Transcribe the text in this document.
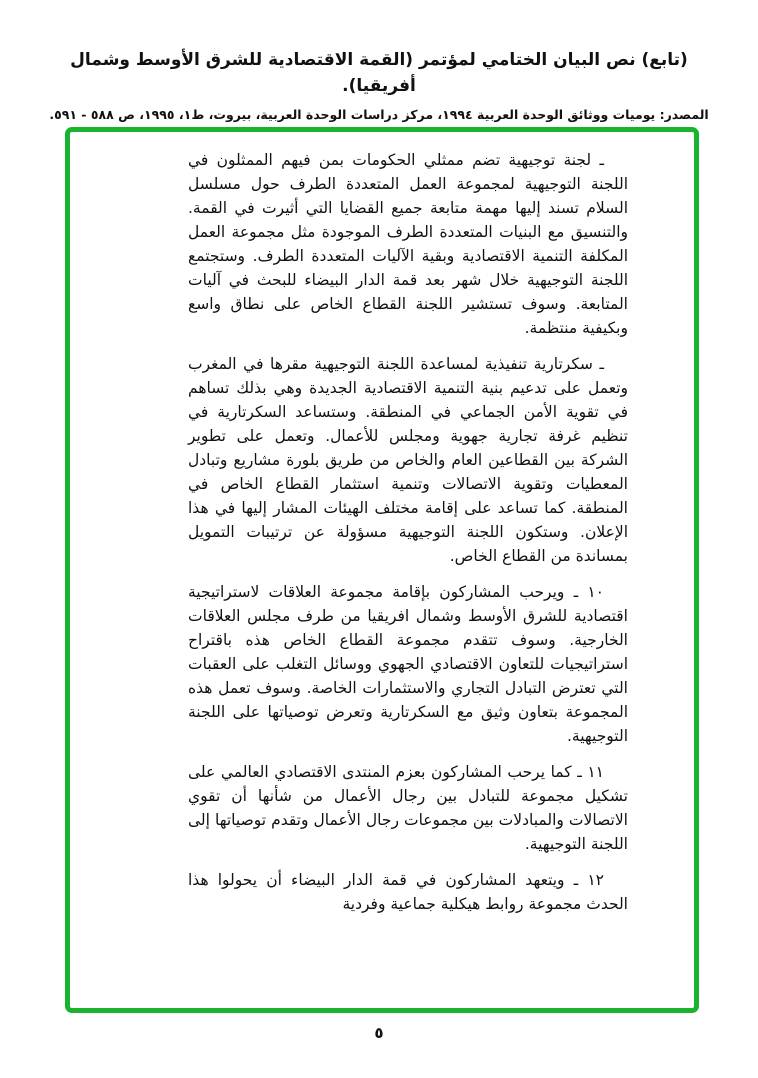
(تابع) نص البيان الختامي لمؤتمر (القمة الاقتصادية للشرق الأوسط وشمال أفريقيا).
المصدر: يوميات ووثائق الوحدة العربية ١٩٩٤، مركز دراسات الوحدة العربية، بيروت، ط١، ١٩٩٥، ص ٥٨٨ - ٥٩١.

ـ لجنة توجيهية تضم ممثلي الحكومات بمن فيهم الممثلون في اللجنة التوجيهية لمجموعة العمل المتعددة الطرف حول مسلسل السلام تسند إليها مهمة متابعة جميع القضايا التي أثيرت في القمة. والتنسيق مع البنيات المتعددة الطرف الموجودة مثل مجموعة العمل المكلفة التنمية الاقتصادية وبقية الآليات المتعددة الطرف. وستجتمع اللجنة التوجيهية خلال شهر بعد قمة الدار البيضاء للبحث في آليات المتابعة. وسوف تستشير اللجنة القطاع الخاص على نطاق واسع وبكيفية منتظمة.

ـ سكرتارية تنفيذية لمساعدة اللجنة التوجيهية مقرها في المغرب وتعمل على تدعيم بنية التنمية الاقتصادية الجديدة وهي بذلك تساهم في تقوية الأمن الجماعي في المنطقة. وستساعد السكرتارية في تنظيم غرفة تجارية جهوية ومجلس للأعمال. وتعمل على تطوير الشركة بين القطاعين العام والخاص من طريق بلورة مشاريع وتبادل المعطيات وتقوية الاتصالات وتنمية استثمار القطاع الخاص في المنطقة. كما تساعد على إقامة مختلف الهيئات المشار إليها في هذا الإعلان. وستكون اللجنة التوجيهية مسؤولة عن ترتيبات التمويل بمساندة من القطاع الخاص.

١٠ ـ ويرحب المشاركون بإقامة مجموعة العلاقات لاستراتيجية اقتصادية للشرق الأوسط وشمال افريقيا من طرف مجلس العلاقات الخارجية. وسوف تتقدم مجموعة القطاع الخاص هذه باقتراح استراتيجيات للتعاون الاقتصادي الجهوي ووسائل التغلب على العقبات التي تعترض التبادل التجاري والاستثمارات الخاصة. وسوف تعمل هذه المجموعة بتعاون وثيق مع السكرتارية وتعرض توصياتها على اللجنة التوجيهية.

١١ ـ كما يرحب المشاركون بعزم المنتدى الاقتصادي العالمي على تشكيل مجموعة للتبادل بين رجال الأعمال من شأنها أن تقوي الاتصالات والمبادلات بين مجموعات رجال الأعمال وتقدم توصياتها إلى اللجنة التوجيهية.

١٢ ـ ويتعهد المشاركون في قمة الدار البيضاء أن يحولوا هذا الحدث مجموعة روابط هيكلية جماعية وفردية

٥
